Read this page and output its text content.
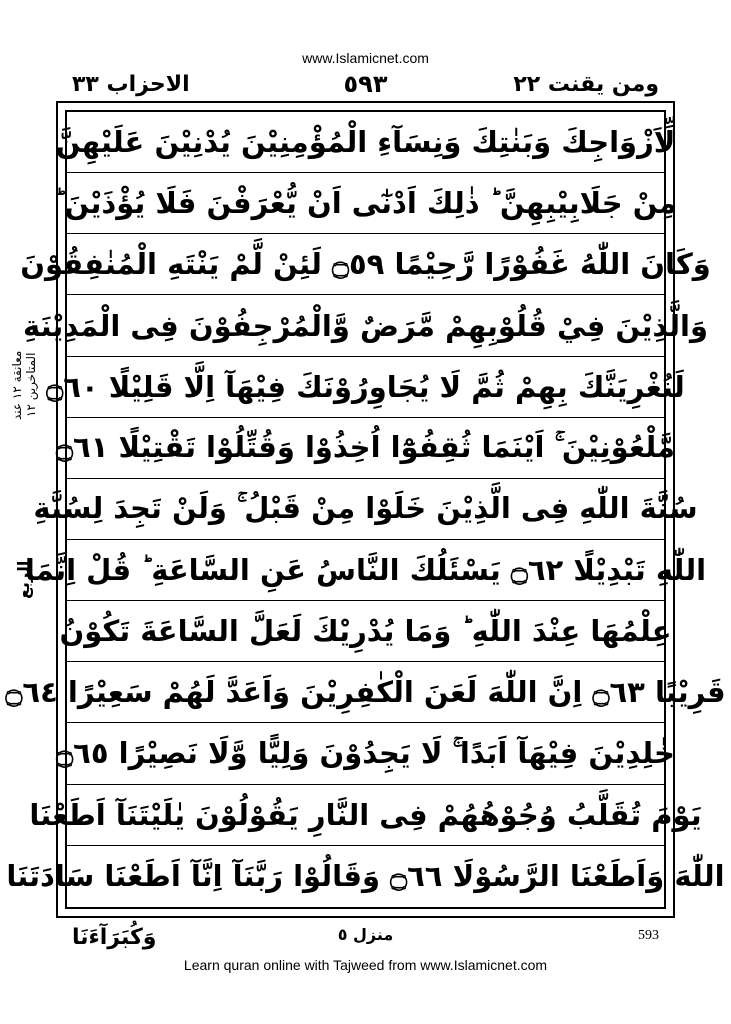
www.Islamicnet.com
الاحزاب ٣٣	٥٩٣	ومن يقنت ٢٢
لِّاَزْوَاجِكَ وَبَنٰتِكَ وَنِسَآءِ الْمُؤْمِنِيْنَ يُدْنِيْنَ عَلَيْهِنَّ
مِنْ جَلَابِيْبِهِنَّ ؕ ذٰلِكَ اَدْنٰٓى اَنْ يُّعْرَفْنَ فَلَا يُؤْذَيْنَ ؕ
وَكَانَ اللّٰهُ غَفُوْرًا رَّحِيْمًا ۝٥٩ لَئِنْ لَّمْ يَنْتَهِ الْمُنٰفِقُوْنَ
وَالَّذِيْنَ فِيْ قُلُوْبِهِمْ مَّرَضٌ وَّالْمُرْجِفُوْنَ فِى الْمَدِيْنَةِ
لَنُغْرِيَنَّكَ بِهِمْ ثُمَّ لَا يُجَاوِرُوْنَكَ فِيْهَآ اِلَّا قَلِيْلًا ۝٦٠
مَّلْعُوْنِيْنَ ۚ اَيْنَمَا ثُقِفُوْٓا اُخِذُوْا وَقُتِّلُوْا تَقْتِيْلًا ۝٦١
سُنَّةَ اللّٰهِ فِى الَّذِيْنَ خَلَوْا مِنْ قَبْلُ ۚ وَلَنْ تَجِدَ لِسُنَّةِ
اللّٰهِ تَبْدِيْلًا ۝٦٢ يَسْئَلُكَ النَّاسُ عَنِ السَّاعَةِ ؕ قُلْ اِنَّمَا
عِلْمُهَا عِنْدَ اللّٰهِ ؕ وَمَا يُدْرِيْكَ لَعَلَّ السَّاعَةَ تَكُوْنُ
قَرِيْبًا ۝٦٣ اِنَّ اللّٰهَ لَعَنَ الْكٰفِرِيْنَ وَاَعَدَّ لَهُمْ سَعِيْرًا ۝٦٤
خٰلِدِيْنَ فِيْهَآ اَبَدًا ۚ لَا يَجِدُوْنَ وَلِيًّا وَّلَا نَصِيْرًا ۝٦٥
يَوْمَ تُقَلَّبُ وُجُوْهُهُمْ فِى النَّارِ يَقُوْلُوْنَ يٰلَيْتَنَآ اَطَعْنَا
اللّٰهَ وَاَطَعْنَا الرَّسُوْلَا ۝٦٦ وَقَالُوْا رَبَّنَآ اِنَّآ اَطَعْنَا سَادَتَنَا
معانقة ١٢ عند المتاخرين ١٢
الربع
وَكُبَرَآءَنَا	منزل ٥	593
Learn quran online with Tajweed from www.Islamicnet.com
